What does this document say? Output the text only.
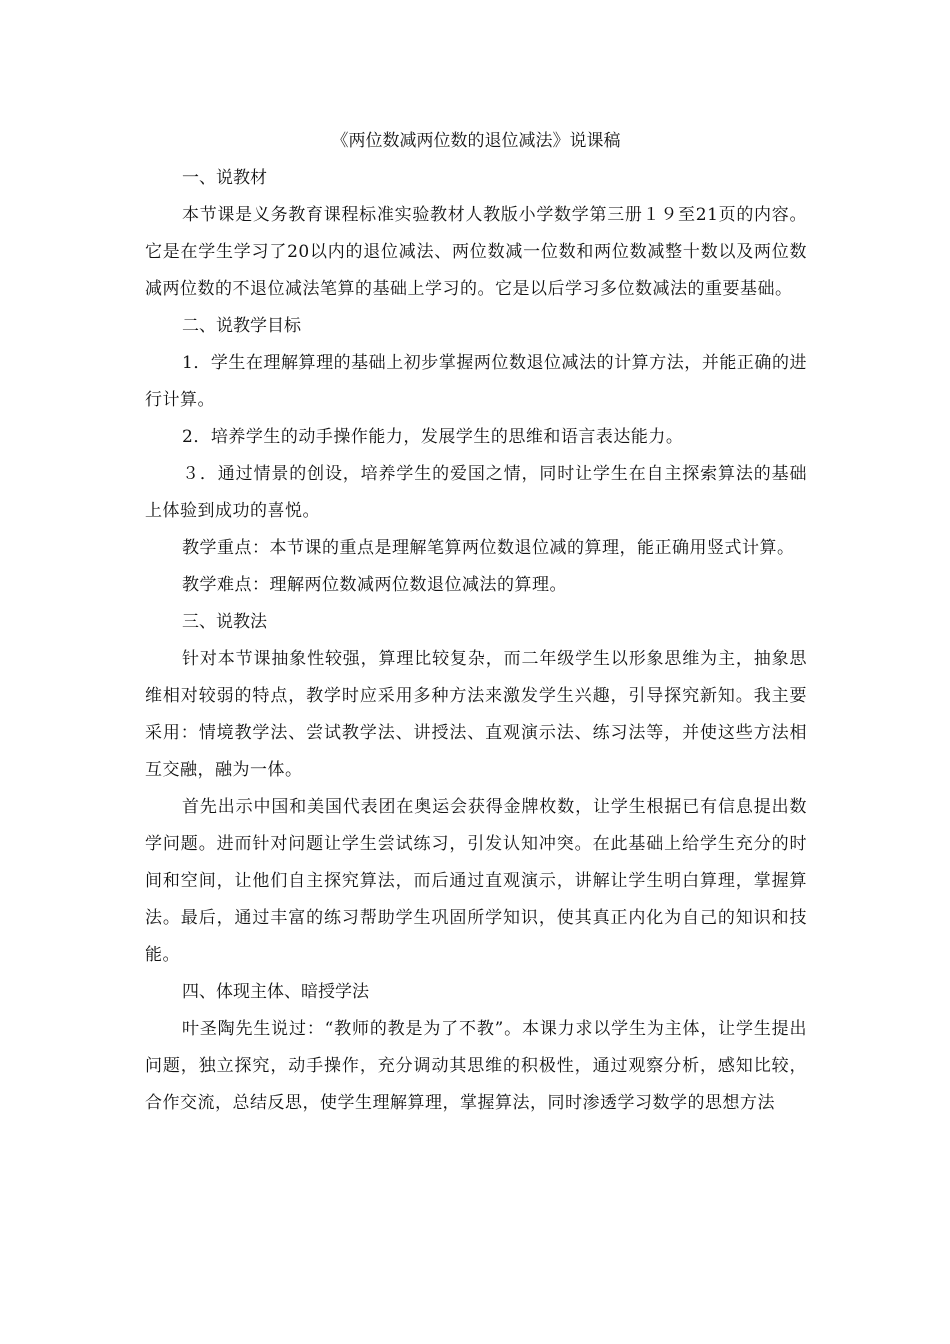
《两位数减两位数的退位减法》说课稿

一、说教材

本节课是义务教育课程标准实验教材人教版小学数学第三册１９至21页的内容。它是在学生学习了20以内的退位减法、两位数减一位数和两位数减整十数以及两位数减两位数的不退位减法笔算的基础上学习的。它是以后学习多位数减法的重要基础。

二、说教学目标

1．学生在理解算理的基础上初步掌握两位数退位减法的计算方法，并能正确的进行计算。

2．培养学生的动手操作能力，发展学生的思维和语言表达能力。

３．通过情景的创设，培养学生的爱国之情，同时让学生在自主探索算法的基础上体验到成功的喜悦。

教学重点：本节课的重点是理解笔算两位数退位减的算理，能正确用竖式计算。

教学难点：理解两位数减两位数退位减法的算理。

三、说教法

针对本节课抽象性较强，算理比较复杂，而二年级学生以形象思维为主，抽象思维相对较弱的特点，教学时应采用多种方法来激发学生兴趣，引导探究新知。我主要采用：情境教学法、尝试教学法、讲授法、直观演示法、练习法等，并使这些方法相互交融，融为一体。

首先出示中国和美国代表团在奥运会获得金牌枚数，让学生根据已有信息提出数学问题。进而针对问题让学生尝试练习，引发认知冲突。在此基础上给学生充分的时间和空间，让他们自主探究算法，而后通过直观演示，讲解让学生明白算理，掌握算法。最后，通过丰富的练习帮助学生巩固所学知识，使其真正内化为自己的知识和技能。

四、体现主体、暗授学法

叶圣陶先生说过：“教师的教是为了不教”。本课力求以学生为主体，让学生提出问题，独立探究，动手操作，充分调动其思维的积极性，通过观察分析，感知比较，合作交流，总结反思，使学生理解算理，掌握算法，同时渗透学习数学的思想方法
